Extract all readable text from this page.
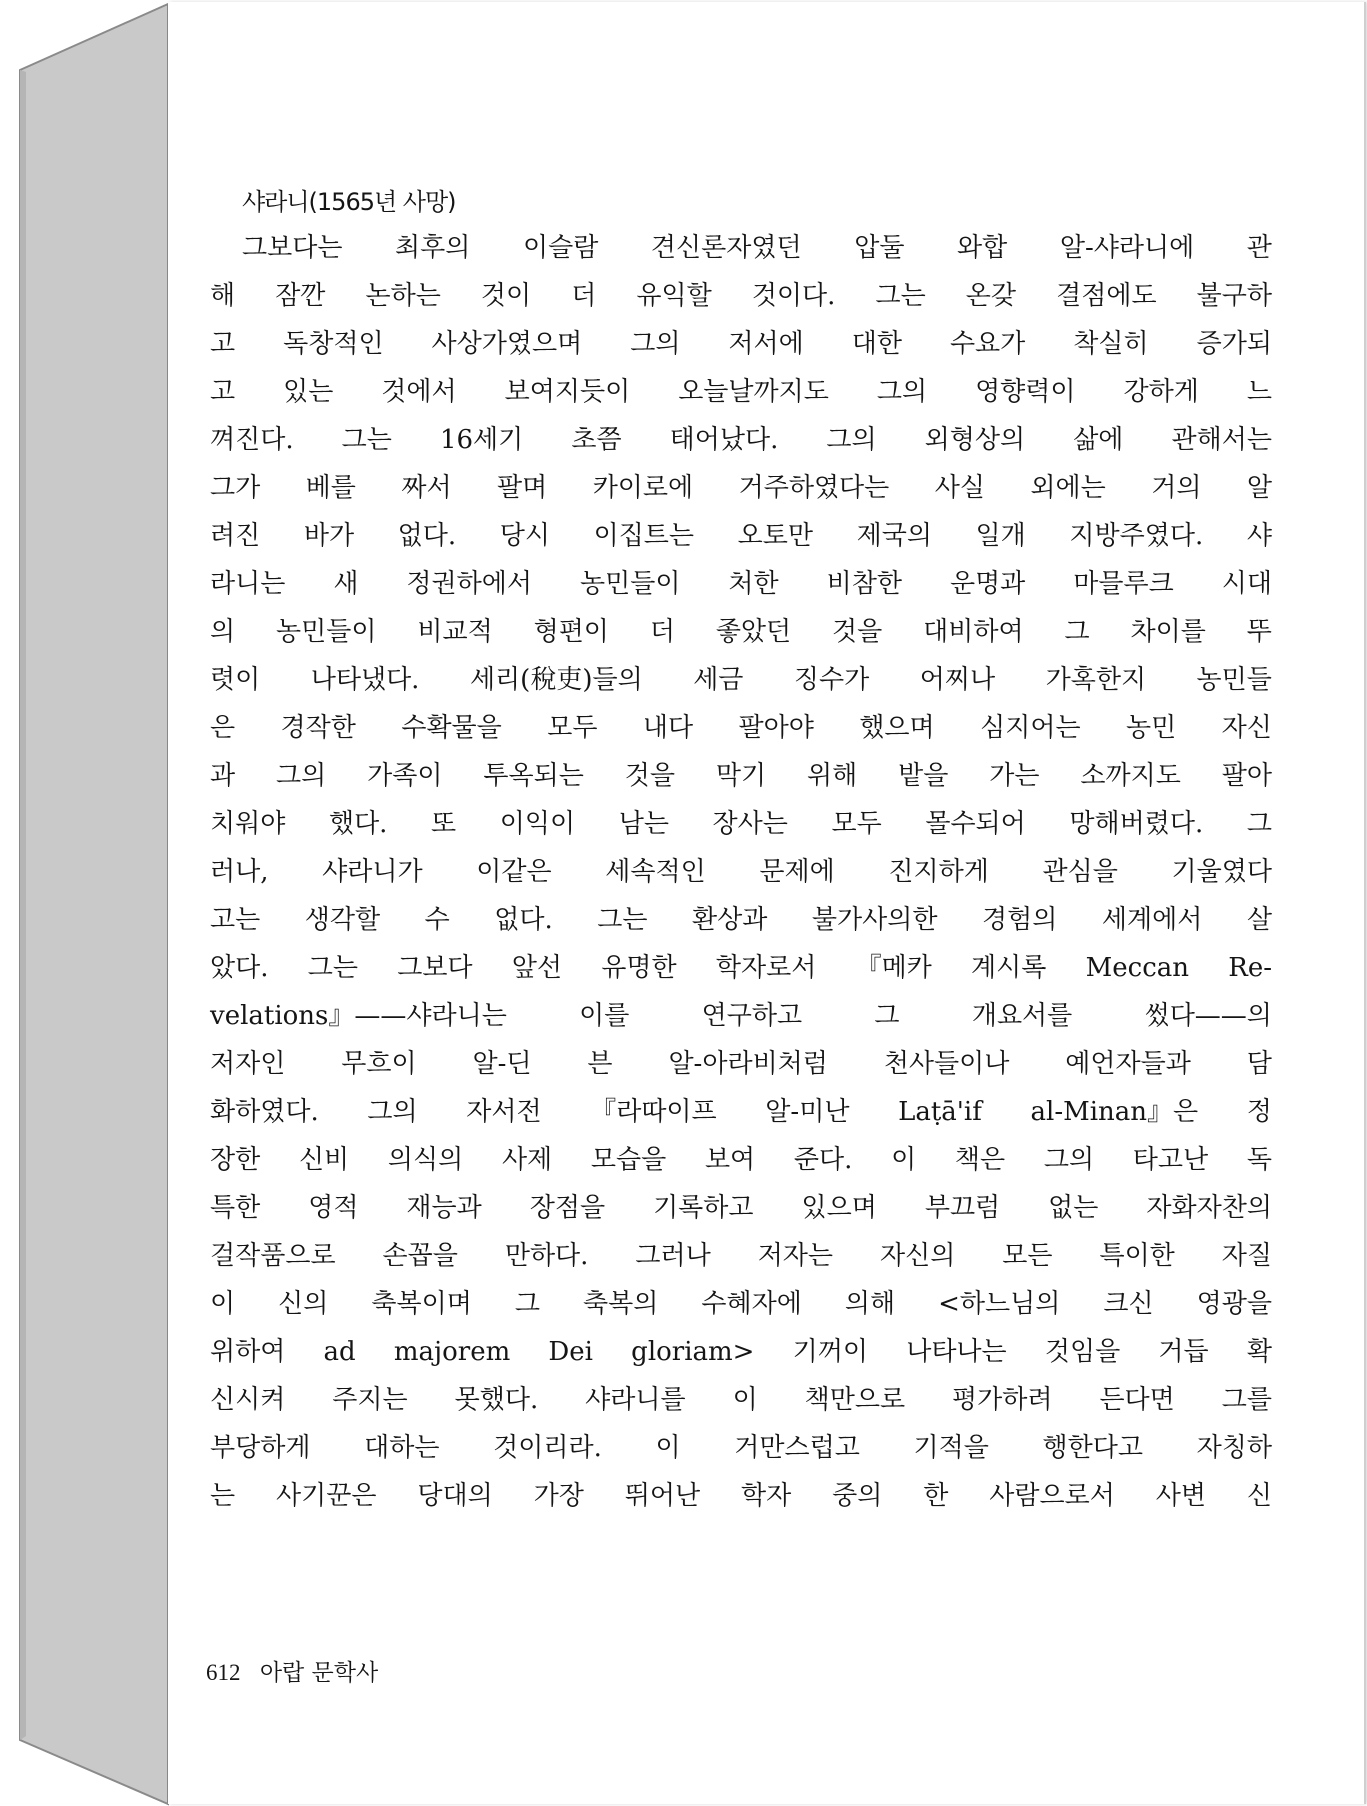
샤라니(1565년 사망)
그보다는 최후의 이슬람 견신론자였던 압둘 와합 알-샤라니에 관
해 잠깐 논하는 것이 더 유익할 것이다. 그는 온갖 결점에도 불구하
고 독창적인 사상가였으며 그의 저서에 대한 수요가 착실히 증가되
고 있는 것에서 보여지듯이 오늘날까지도 그의 영향력이 강하게 느
껴진다. 그는 16세기 초쯤 태어났다. 그의 외형상의 삶에 관해서는
그가 베를 짜서 팔며 카이로에 거주하였다는 사실 외에는 거의 알
려진 바가 없다. 당시 이집트는 오토만 제국의 일개 지방주였다. 샤
라니는 새 정권하에서 농민들이 처한 비참한 운명과 마믈루크 시대
의 농민들이 비교적 형편이 더 좋았던 것을 대비하여 그 차이를 뚜
렷이 나타냈다. 세리(稅吏)들의 세금 징수가 어찌나 가혹한지 농민들
은 경작한 수확물을 모두 내다 팔아야 했으며 심지어는 농민 자신
과 그의 가족이 투옥되는 것을 막기 위해 밭을 가는 소까지도 팔아
치워야 했다. 또 이익이 남는 장사는 모두 몰수되어 망해버렸다. 그
러나, 샤라니가 이같은 세속적인 문제에 진지하게 관심을 기울였다
고는 생각할 수 없다. 그는 환상과 불가사의한 경험의 세계에서 살
았다. 그는 그보다 앞선 유명한 학자로서 『메카 계시록 Meccan Re-
velations』——샤라니는	이를	연구하고	그	개요서를	썼다——의
저자인 무흐이 알-딘 븐 알-아라비처럼 천사들이나 예언자들과 담
화하였다. 그의 자서전 『라따이프 알-미난 Laṭā'if al-Minan』은 정
장한 신비 의식의 사제 모습을 보여 준다. 이 책은 그의 타고난 독
특한 영적 재능과 장점을 기록하고 있으며 부끄럼 없는 자화자찬의
걸작품으로 손꼽을 만하다. 그러나 저자는 자신의 모든 특이한 자질
이 신의 축복이며 그 축복의 수혜자에 의해 <하느님의 크신 영광을
위하여 ad majorem Dei gloriam> 기꺼이 나타나는 것임을 거듭 확
신시켜 주지는 못했다. 샤라니를 이 책만으로 평가하려 든다면 그를
부당하게 대하는 것이리라. 이 거만스럽고 기적을 행한다고 자칭하
는 사기꾼은 당대의 가장 뛰어난 학자 중의 한 사람으로서 사변 신
612 아랍 문학사
